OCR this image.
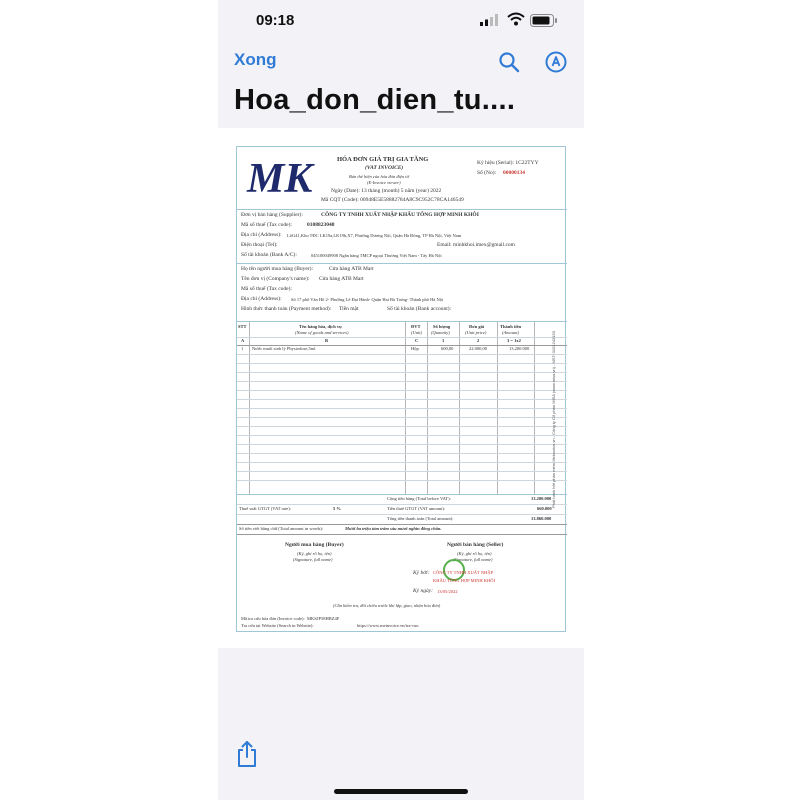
09:18
Xong
Hoa_don_dien_tu....
MK	HÓA ĐƠN GIÁ TRỊ GIA TĂNG
(VAT INVOICE)
Bản thể hiện của hóa đơn điện tử
(E-Invoice viewer)
Ngày (Date): 13 tháng (month) 5 năm (year) 2022
Mã CQT (Code): 00948E5E58882784A8C9C952C78CA146549
Ký hiệu (Serial): 1C22TYY
Số (No): 00000134
Đơn vị bán hàng (Supplier):	CÔNG TY TNHH XUẤT NHẬP KHẨU TỔNG HỢP MINH KHÔI
Mã số thuế (Tax code):	0108823048
Địa chỉ (Address): LôG41,Khu TĐC LK19a,LK19b,X7, Phường Dương Nội, Quận Hà Đông, TP Hà Nội, Việt Nam
Điện thoại (Tel):	Email: minhkhoi.imex@gmail.com
Số tài khoản (Bank A/C):	045100049908 Ngân hàng TMCP ngoại Thương Việt Nam - Tây Hà Nội
Họ tên người mua hàng (Buyer):	Cửa hàng ATB Mart
Tên đơn vị (Company's name): Cửa hàng ATB Mart
Mã số thuế (Tax code):
Địa chỉ (Address): Số 17 phố Văn Hồ 2- Phường Lê Đại Hành- Quận Hai Bà Trưng- Thành phố Hà Nội
Hình thức thanh toán (Payment method): Tiền mặt	Số tài khoản (Bank account):
STT	Tên hàng hóa, dịch vụ
(Name of goods and services)
ĐVT
(Unit)
Số lượng
(Quantity)
Đơn giá
(Unit price)
Thành tiền
(Amount)
A	B	C	1	2	3 = 1x2
1 Nước muối sinh lý Physiodose,5ml	Hộp	600,00	22.000,00	13.200.000
Cộng tiền hàng (Total before VAT):	13.200.000
Thuế suất GTGT (VAT rate):	5 %	Tiền thuế GTGT (VAT amount):	660.000
Tổng tiền thanh toán (Total amount):	13.860.000
Số tiền viết bằng chữ (Total amount in words):	Mười ba triệu tám trăm sáu mươi nghìn đồng chẵn.
Người mua hàng (Buyer)
(Ký, ghi rõ họ, tên)
(Signature, full name)
Người bán hàng (Seller)
(Ký, ghi rõ họ, tên)
(Signature, full name)
Ký bởi: CÔNG TY TNHH XUẤT NHẬP
KHẨU TỔNG HỢP MINH KHÔI
Ký ngày: 13/05/2022
(Cần kiểm tra, đối chiếu trước khi lập, giao, nhận hóa đơn)
Mã tra cứu hóa đơn (Invoice code): MKSJP58HBZ4F
Tra cứu tại Website (Search in Website):	https://www.meinvoice.vn/tra-cuu
Phát hành bởi phần mềm Meinvoice.vn - Công ty Cổ phần MISA (www.misa.vn) - MST: 0101243150
